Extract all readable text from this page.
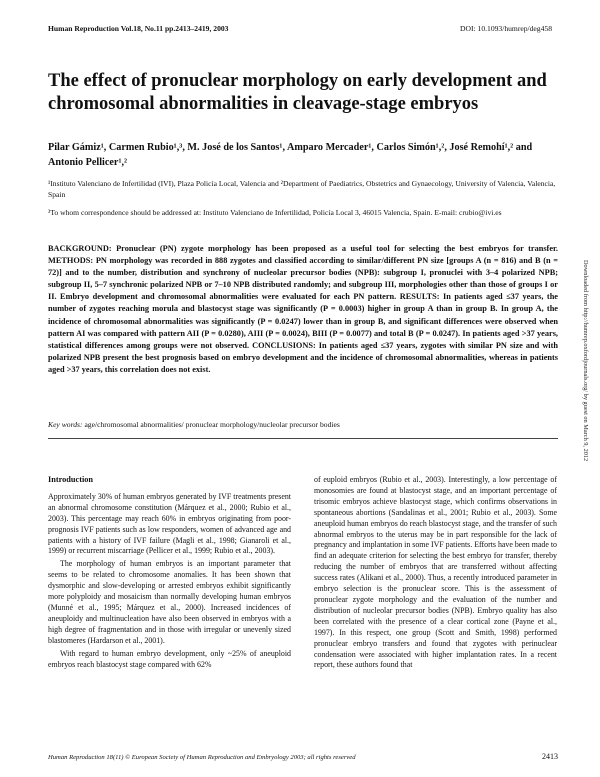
Human Reproduction Vol.18, No.11 pp.2413–2419, 2003	DOI: 10.1093/humrep/deg458
The effect of pronuclear morphology on early development and chromosomal abnormalities in cleavage-stage embryos
Pilar Gámiz¹, Carmen Rubio¹,³, M. José de los Santos¹, Amparo Mercader¹, Carlos Simón¹,², José Remohí¹,² and Antonio Pellicer¹,²
¹Instituto Valenciano de Infertilidad (IVI), Plaza Policía Local, Valencia and ²Department of Paediatrics, Obstetrics and Gynaecology, University of Valencia, Valencia, Spain
³To whom correspondence should be addressed at: Instituto Valenciano de Infertilidad, Policía Local 3, 46015 Valencia, Spain. E-mail: crubio@ivi.es
BACKGROUND: Pronuclear (PN) zygote morphology has been proposed as a useful tool for selecting the best embryos for transfer. METHODS: PN morphology was recorded in 888 zygotes and classified according to similar/different PN size [groups A (n = 816) and B (n = 72)] and to the number, distribution and synchrony of nucleolar precursor bodies (NPB): subgroup I, pronuclei with 3–4 polarized NPB; subgroup II, 5–7 synchronic polarized NPB or 7–10 NPB distributed randomly; and subgroup III, morphologies other than those of groups I or II. Embryo development and chromosomal abnormalities were evaluated for each PN pattern. RESULTS: In patients aged ≤37 years, the number of zygotes reaching morula and blastocyst stage was significantly (P = 0.0003) higher in group A than in group B. In group A, the incidence of chromosomal abnormalities was significantly (P = 0.0247) lower than in group B, and significant differences were observed when pattern AI was compared with pattern AII (P = 0.0280), AIII (P = 0.0024), BIII (P = 0.0077) and total B (P = 0.0247). In patients aged >37 years, statistical differences among groups were not observed. CONCLUSIONS: In patients aged ≤37 years, zygotes with similar PN size and with polarized NPB present the best prognosis based on embryo development and the incidence of chromosomal abnormalities, whereas in patients aged >37 years, this correlation does not exist.
Key words: age/chromosomal abnormalities/ pronuclear morphology/nucleolar precursor bodies	Downloaded from http://humrep.oxfordjournals.org/ by guest on March 9, 2012
Introduction

Approximately 30% of human embryos generated by IVF treatments present an abnormal chromosome constitution (Márquez et al., 2000; Rubio et al., 2003). This percentage may reach 60% in embryos originating from poor-prognosis IVF patients such as low responders, women of advanced age and patients with a history of IVF failure (Magli et al., 1998; Gianaroli et al., 1999) or recurrent miscarriage (Pellicer et al., 1999; Rubio et al., 2003).

The morphology of human embryos is an important parameter that seems to be related to chromosome anomalies. It has been shown that dysmorphic and slow-developing or arrested embryos exhibit significantly more polyploidy and mosaicism than normally developing human embryos (Munné et al., 1995; Márquez et al., 2000). Increased incidences of aneuploidy and multinucleation have also been observed in embryos with a high degree of fragmentation and in those with irregular or unevenly sized blastomeres (Hardarson et al., 2001).

With regard to human embryo development, only ~25% of aneuploid embryos reach blastocyst stage compared with 62%

of euploid embryos (Rubio et al., 2003). Interestingly, a low percentage of monosomies are found at blastocyst stage, and an important percentage of trisomic embryos achieve blastocyst stage, which confirms observations in spontaneous abortions (Sandalinas et al., 2001; Rubio et al., 2003). Some aneuploid human embryos do reach blastocyst stage, and the transfer of such abnormal embryos to the uterus may be in part responsible for the lack of pregnancy and implantation in some IVF patients. Efforts have been made to find an adequate criterion for selecting the best embryo for transfer, thereby reducing the number of embryos that are transferred without affecting success rates (Alikani et al., 2000). Thus, a recently introduced parameter in embryo selection is the pronuclear score. This is the assessment of pronuclear zygote morphology and the evaluation of the number and distribution of nucleolar precursor bodies (NPB). Embryo quality has also been correlated with the presence of a clear cortical zone (Payne et al., 1997). In this respect, one group (Scott and Smith, 1998) performed pronuclear embryo transfers and found that zygotes with perinuclear condensation were associated with higher implantation rates. In a recent report, these authors found that

Human Reproduction 18(11) © European Society of Human Reproduction and Embryology 2003; all rights reserved	2413
